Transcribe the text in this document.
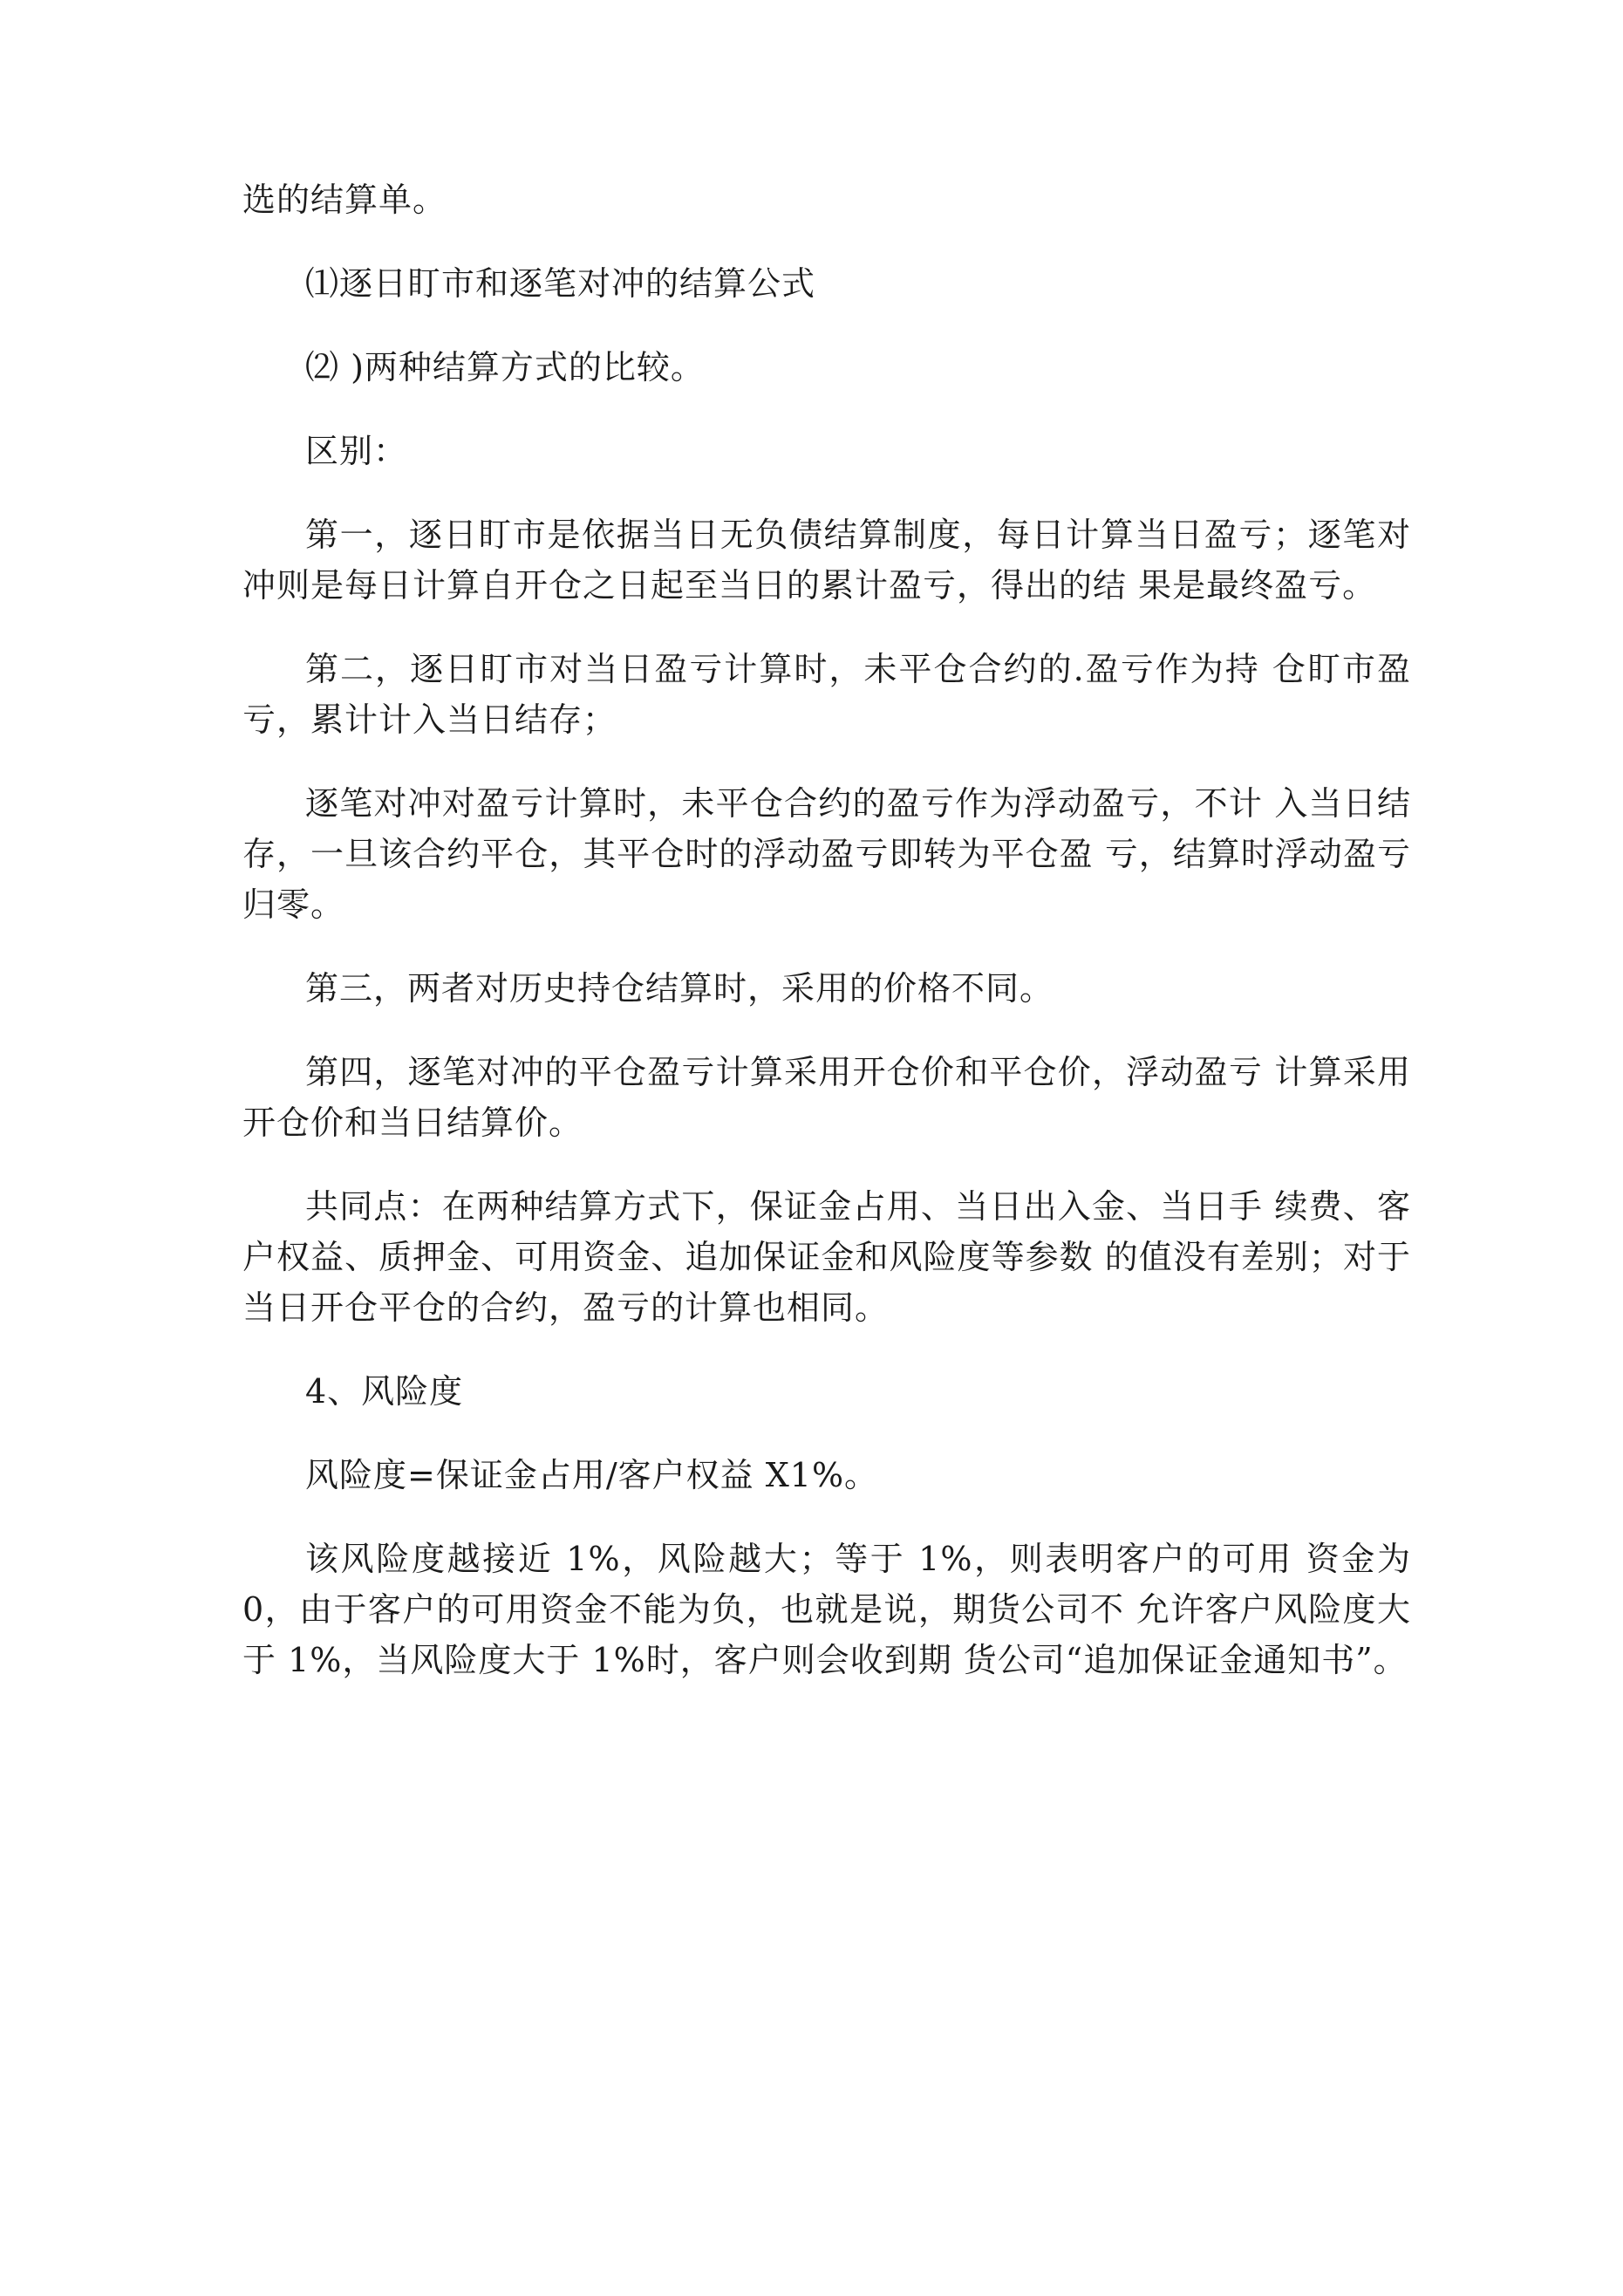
选的结算单。

⑴逐日盯市和逐笔对冲的结算公式

⑵ )两种结算方式的比较。

区别：

第一，逐日盯市是依据当日无负债结算制度，每日计算当日盈亏；逐笔对冲则是每日计算自开仓之日起至当日的累计盈亏，得出的结 果是最终盈亏。

第二，逐日盯市对当日盈亏计算时，未平仓合约的.盈亏作为持 仓盯市盈亏，累计计入当日结存；

逐笔对冲对盈亏计算时，未平仓合约的盈亏作为浮动盈亏，不计 入当日结存，一旦该合约平仓，其平仓时的浮动盈亏即转为平仓盈 亏，结算时浮动盈亏归零。

第三，两者对历史持仓结算时，采用的价格不同。

第四，逐笔对冲的平仓盈亏计算采用开仓价和平仓价，浮动盈亏 计算采用开仓价和当日结算价。

共同点：在两种结算方式下，保证金占用、当日出入金、当日手 续费、客户权益、质押金、可用资金、追加保证金和风险度等参数 的值没有差别；对于当日开仓平仓的合约，盈亏的计算也相同。

4、风险度

风险度=保证金占用/客户权益 X1%。

该风险度越接近 1%，风险越大；等于 1%，则表明客户的可用 资金为 0，由于客户的可用资金不能为负，也就是说，期货公司不 允许客户风险度大于 1%，当风险度大于 1%时，客户则会收到期 货公司“追加保证金通知书”。
